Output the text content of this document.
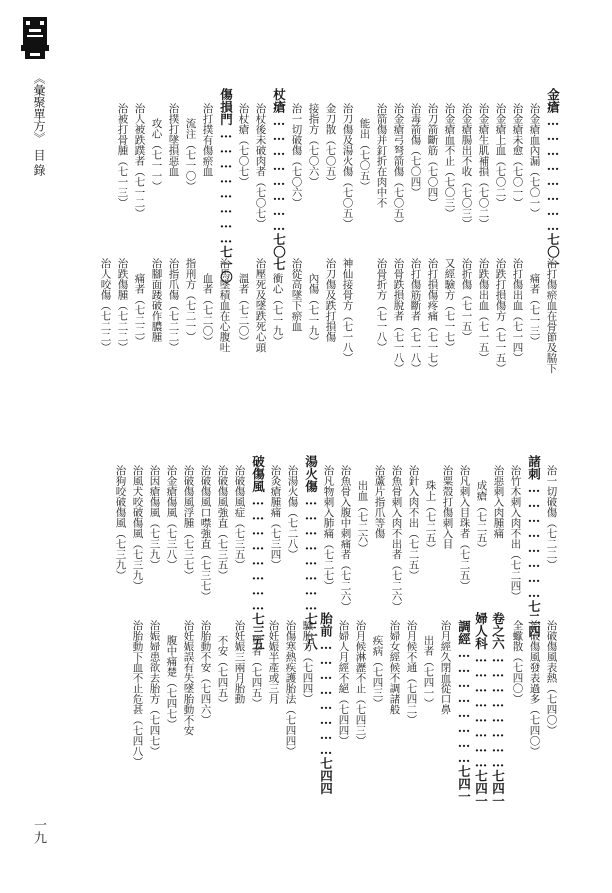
《彙聚單方》
目
錄
一九
金瘡……………………七〇一
治金瘡血內漏（七〇一）
治金瘡未愈（七〇一）
治金瘡上血（七〇二）
治金瘡生肌補損（七〇二）
治金瘡腸出不收（七〇三）
治金瘡血不止（七〇三）
治刀箭斷筋（七〇四）
治毒箭傷（七〇四）
治金瘡弓弩箭傷（七〇五）
治箭傷并釘折在肉中不
能出（七〇五）
治刀傷及湯火傷（七〇五）
金刀散（七〇五）
接指方（七〇六）
治一切破傷（七〇六）
杖瘡……………………七〇七
治杖後未破肉者（七〇七）
治杖瘡（七〇七）
傷損門……………………七一〇
治打撲有傷瘀血
流注（七一〇）
治撲打墜損惡血
攻心（七一一）
治人被跌蹼者（七一二）
治被打骨腫（七一三）
治打傷瘀血在骨節及脇下
痛者（七一三）
治打傷出血（七一四）
治跌打損傷方（七一五）
治跌傷出血（七一五）
治折傷（七一五）
又經驗方（七一七）
治打損傷疼痛（七一七）
治打傷筋斷者（七一八）
治骨跌損脫者（七一八）
治骨折方（七一八）
神仙接骨方（七一八）
治刀傷及跌打損傷
內傷（七一九）
治從高墜下瘀血
衝心（七一九）
治壓死及墜跌死心頭
溫者（七二〇）
治馬墜積血在心腹吐
血者（七二〇）
指刑方（七二一）
治指爪傷（七二二）
治腳面踒破作膿腫
痛者（七二二）
治跌傷腫（七二二）
治人咬傷（七二二）
治一切破傷（七二二）
諸刺……………………七二四
治竹木刺入肉不出（七二四）
治惡刺入肉腫痛
成瘡（七二五）
治凡刺入目珠者（七二五）
治粟殼打傷刺入目
珠上（七二五）
治針入肉不出（七二五）
治魚骨刺入肉不出者（七二六）
治蘆片指爪等傷
出血（七二六）
治魚骨入腹中刺痛者（七二六）
治凡物刺入肺痛（七二七）
湯火傷……………………七二八
治湯火傷（七二八）
治灸瘡腫痛（七三四）
破傷風……………………七三五
治破傷風症（七三五）
治破傷風強直（七三五）
治破傷風口噤強直（七三七）
治破傷風浮腫（七三七）
治金瘡傷風（七三八）
治因瘡傷風（七三九）
治風犬咬破傷風（七三九）
治狗咬破傷風（七三九）
治破傷風表熱（七四〇）
治破傷風發表過多（七四〇）
全蠍散（七四〇）
卷之六……………………七四一
婦人科……………………七四一
調經……………………七四一
治月經久閉血從口鼻
出者（七四一）
治月候不通（七四二）
治婦女經候不調諸般
疾病（七四三）
治月候淋瀝不止（七四三）
治婦人月經不絕（七四四）
胎前……………………七四四
驗胎方（七四四）
治傷寒熱疾護胎法（七四四）
治妊娠半產或三月
墮者（七四五）
治妊娠三兩月胎動
不安（七四五）
治胎動不安（七四六）
治妊娠誤有失墜胎動不安
腹中痛楚（七四七）
治娠婦患欲去胎方（七四七）
治胎動下血不止危甚（七四八）
